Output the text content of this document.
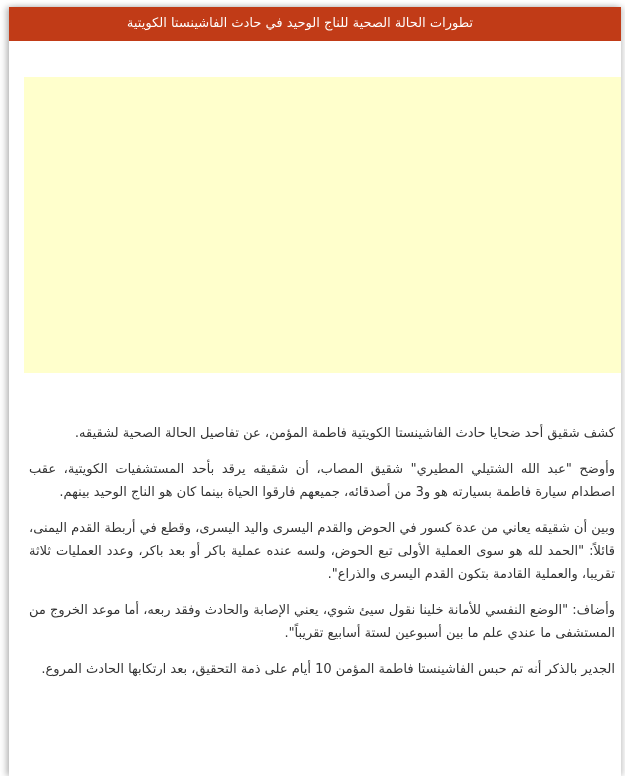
تطورات الحالة الصحية للناج الوحيد في حادث الفاشينستا الكويتية

كشف شقيق أحد ضحايا حادث الفاشينستا الكويتية فاطمة المؤمن، عن تفاصيل الحالة الصحية لشقيقه.

وأوضح "عبد الله الشتيلي المطيري" شقيق المصاب، أن شقيقه يرقد بأحد المستشفيات الكويتية، عقب اصطدام سيارة فاطمة بسيارته هو و3 من أصدقائه، جميعهم فارقوا الحياة بينما كان هو الناج الوحيد بينهم.

وبين أن شقيقه يعاني من عدة كسور في الحوض والقدم اليسرى واليد اليسرى، وقطع في أربطة القدم اليمنى، قائلاً: "الحمد لله هو سوى العملية الأولى تبع الحوض، ولسه عنده عملية باكر أو بعد باكر، وعدد العمليات ثلاثة تقريبا، والعملية القادمة بتكون القدم اليسرى والذراع".

وأضاف: "الوضع النفسي للأمانة خلينا نقول سيئ شوي، يعني الإصابة والحادث وفقد ربعه، أما موعد الخروج من المستشفى ما عندي علم ما بين أسبوعين لستة أسابيع تقريباً".

الجدير بالذكر أنه تم حبس الفاشينستا فاطمة المؤمن 10 أيام على ذمة التحقيق، بعد ارتكابها الحادث المروع.
